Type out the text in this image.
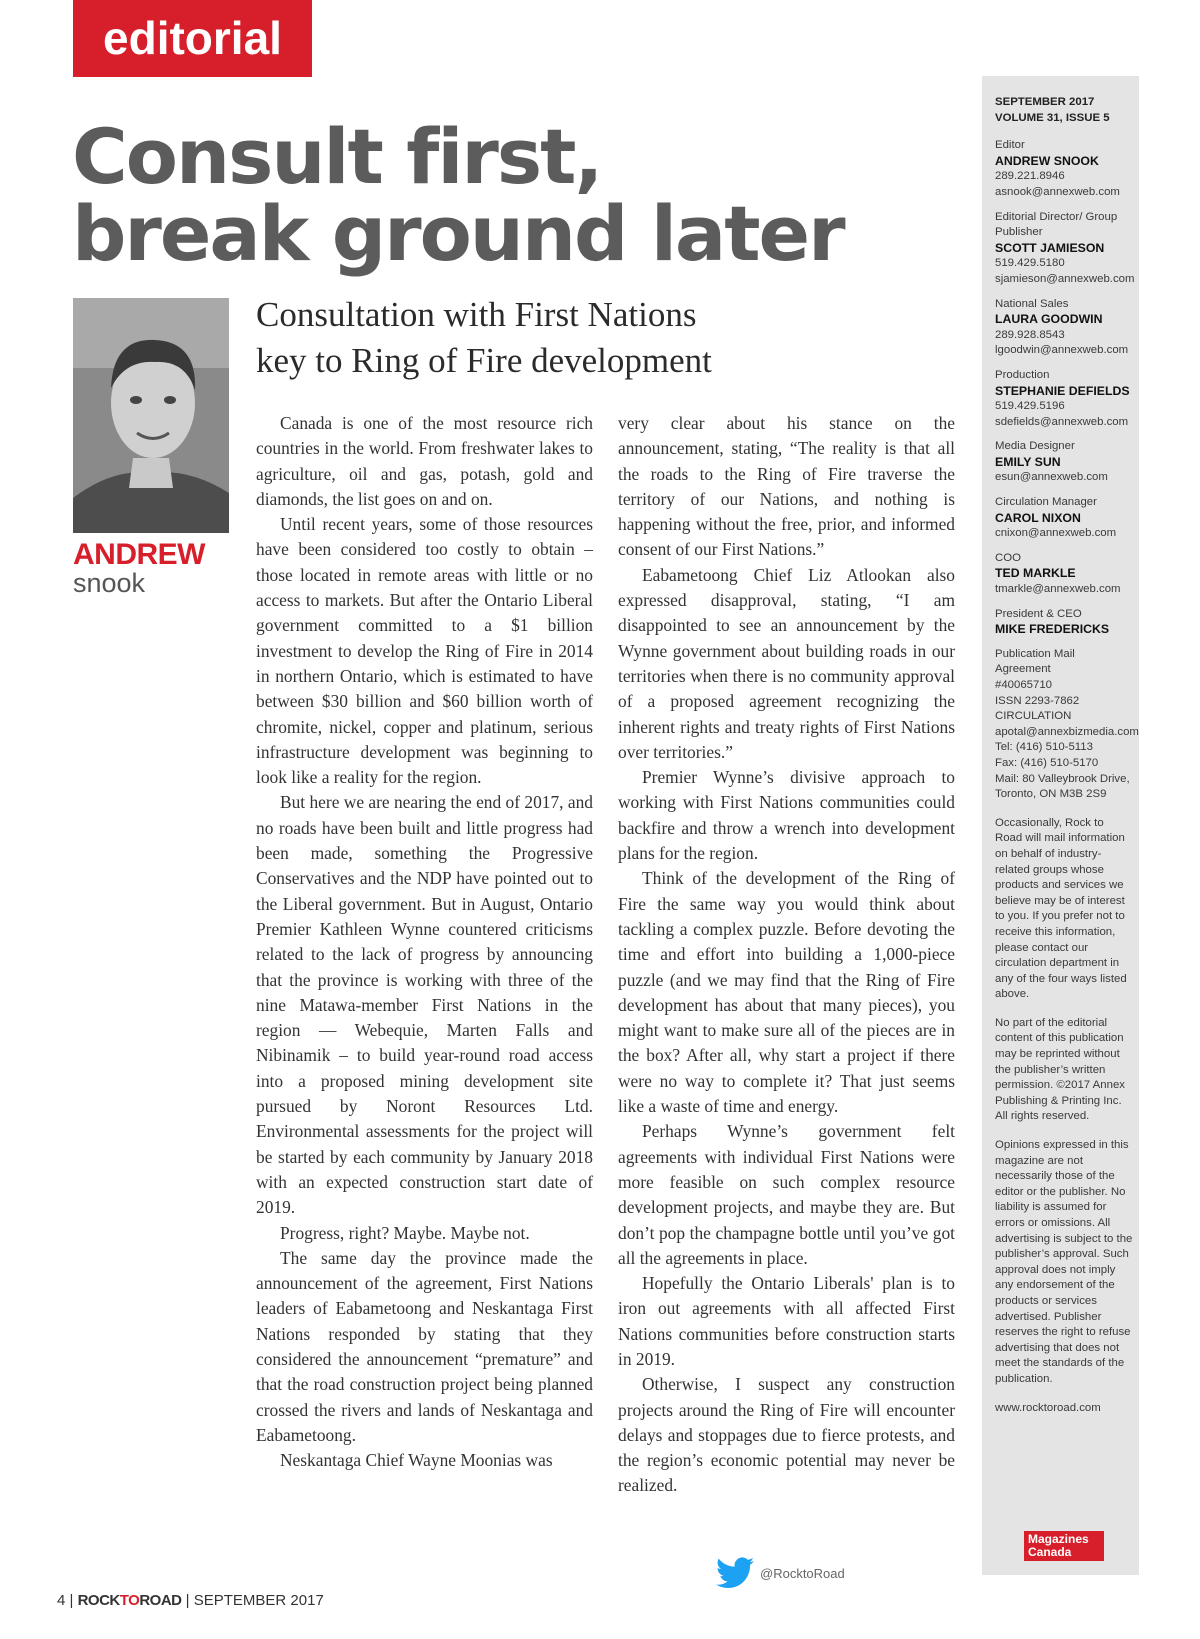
editorial
Consult first,
break ground later
ANDREW
snook
Consultation with First Nations
key to Ring of Fire development

Canada is one of the most resource rich countries in the world. From freshwater lakes to agriculture, oil and gas, potash, gold and diamonds, the list goes on and on.

Until recent years, some of those resources have been considered too costly to obtain – those located in remote areas with little or no access to markets. But after the Ontario Liberal government committed to a $1 billion investment to develop the Ring of Fire in 2014 in northern Ontario, which is estimated to have between $30 billion and $60 billion worth of chromite, nickel, copper and platinum, serious infrastructure development was beginning to look like a reality for the region.

But here we are nearing the end of 2017, and no roads have been built and little progress had been made, something the Progressive Conservatives and the NDP have pointed out to the Liberal government. But in August, Ontario Premier Kathleen Wynne countered criticisms related to the lack of progress by announcing that the province is working with three of the nine Matawa-member First Nations in the region — Webequie, Marten Falls and Nibinamik – to build year-round road access into a proposed mining development site pursued by Noront Resources Ltd. Environmental assessments for the project will be started by each community by January 2018 with an expected construction start date of 2019.

Progress, right? Maybe. Maybe not.

The same day the province made the announcement of the agreement, First Nations leaders of Eabametoong and Neskantaga First Nations responded by stating that they considered the announcement “premature” and that the road construction project being planned crossed the rivers and lands of Neskantaga and Eabametoong.

Neskantaga Chief Wayne Moonias was

very clear about his stance on the announcement, stating, “The reality is that all the roads to the Ring of Fire traverse the territory of our Nations, and nothing is happening without the free, prior, and informed consent of our First Nations.”

Eabametoong Chief Liz Atlookan also expressed disapproval, stating, “I am disappointed to see an announcement by the Wynne government about building roads in our territories when there is no community approval of a proposed agreement recognizing the inherent rights and treaty rights of First Nations over territories.”

Premier Wynne’s divisive approach to working with First Nations communities could backfire and throw a wrench into development plans for the region.

Think of the development of the Ring of Fire the same way you would think about tackling a complex puzzle. Before devoting the time and effort into building a 1,000-piece puzzle (and we may find that the Ring of Fire development has about that many pieces), you might want to make sure all of the pieces are in the box? After all, why start a project if there were no way to complete it? That just seems like a waste of time and energy.

Perhaps Wynne’s government felt agreements with individual First Nations were more feasible on such complex resource development projects, and maybe they are. But don’t pop the champagne bottle until you’ve got all the agreements in place.

Hopefully the Ontario Liberals' plan is to iron out agreements with all affected First Nations communities before construction starts in 2019.

Otherwise, I suspect any construction projects around the Ring of Fire will encounter delays and stoppages due to fierce protests, and the region’s economic potential may never be realized.

SEPTEMBER 2017
VOLUME 31, ISSUE 5
Editor
ANDREW SNOOK
289.221.8946
asnook@annexweb.com
Editorial Director/ Group Publisher
SCOTT JAMIESON
519.429.5180
sjamieson@annexweb.com
National Sales
LAURA GOODWIN
289.928.8543
lgoodwin@annexweb.com
Production
STEPHANIE DEFIELDS
519.429.5196
sdefields@annexweb.com
Media Designer
EMILY SUN
esun@annexweb.com
Circulation Manager
CAROL NIXON
cnixon@annexweb.com
COO
TED MARKLE
tmarkle@annexweb.com
President & CEO
MIKE FREDERICKS
Publication Mail Agreement
#40065710
ISSN 2293-7862
CIRCULATION
apotal@annexbizmedia.com
Tel: (416) 510-5113
Fax: (416) 510-5170
Mail: 80 Valleybrook Drive,
Toronto, ON M3B 2S9

Occasionally, Rock to Road will mail information on behalf of industry-related groups whose products and services we believe may be of interest to you. If you prefer not to receive this information, please contact our circulation department in any of the four ways listed above.

No part of the editorial content of this publication may be reprinted without the publisher’s written permission. ©2017 Annex Publishing & Printing Inc. All rights reserved.

Opinions expressed in this magazine are not necessarily those of the editor or the publisher. No liability is assumed for errors or omissions. All advertising is subject to the publisher’s approval. Such approval does not imply any endorsement of the products or services advertised. Publisher reserves the right to refuse advertising that does not meet the standards of the publication.

www.rocktoroad.com

Magazines
Canada
@RocktoRoad
4
|
ROCKTOROAD
|
SEPTEMBER 2017
